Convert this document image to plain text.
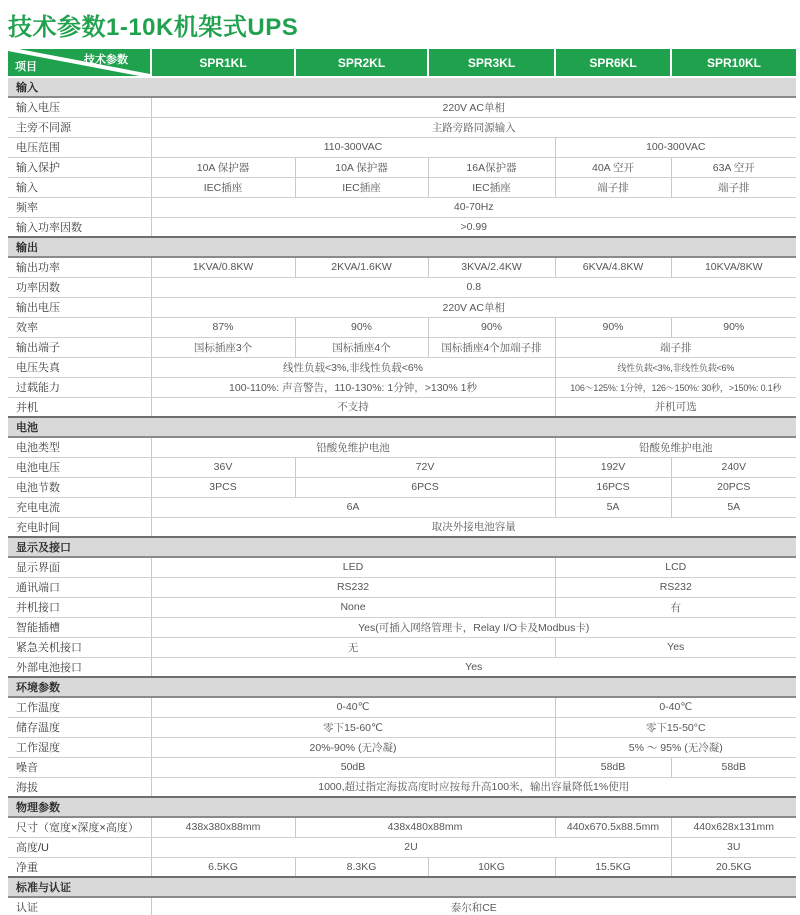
技术参数1-10K机架式UPS
技术参数
项目	SPR1KL	SPR2KL	SPR3KL	SPR6KL	SPR10KL
输入					
输入电压	220V AC单相				
主旁不同源	主路旁路同源输入				
电压范围	110-300VAC			100-300VAC	
输入保护	10A 保护器	10A 保护器	16A保护器	40A 空开	63A 空开
输入	IEC插座	IEC插座	IEC插座	端子排	端子排
频率	40-70Hz				
输入功率因数	>0.99				
输出					
输出功率	1KVA/0.8KW	2KVA/1.6KW	3KVA/2.4KW	6KVA/4.8KW	10KVA/8KW
功率因数	0.8				
输出电压	220V AC单相				
效率	87%	90%	90%	90%	90%
输出端子	国标插座3个	国标插座4个	国标插座4个加端子排	端子排	
电压失真	线性负载<3%,非线性负载<6%			线性负载<3%,非线性负载<6%	
过载能力	100-110%: 声音警告，110-130%: 1分钟，>130% 1秒			106～125%: 1分钟，126～150%: 30秒，>150%: 0.1秒	
并机	不支持			并机可选	
电池					
电池类型	铅酸免维护电池			铅酸免维护电池	
电池电压	36V	72V		192V	240V
电池节数	3PCS	6PCS		16PCS	20PCS
充电电流	6A			5A	5A
充电时间	取决外接电池容量				
显示及接口					
显示界面	LED			LCD	
通讯端口	RS232			RS232	
并机接口	None			有	
智能插槽	Yes(可插入网络管理卡，Relay I/O卡及Modbus卡)				
紧急关机接口	无			Yes	
外部电池接口	Yes				
环境参数					
工作温度	0-40℃			0-40℃	
储存温度	零下15-60℃			零下15-50°C	
工作湿度	20%-90% (无冷凝)			5% ～ 95% (无冷凝)	
噪音	50dB			58dB	58dB
海拔	1000,超过指定海拔高度时应按每升高100米，输出容量降低1%使用				
物理参数					
尺寸（宽度×深度×高度）	438x380x88mm	438x480x88mm		440x670.5x88.5mm	440x628x131mm
高度/U	2U				3U
净重	6.5KG	8.3KG	10KG	15.5KG	20.5KG
标准与认证					
认证	泰尔和CE				
